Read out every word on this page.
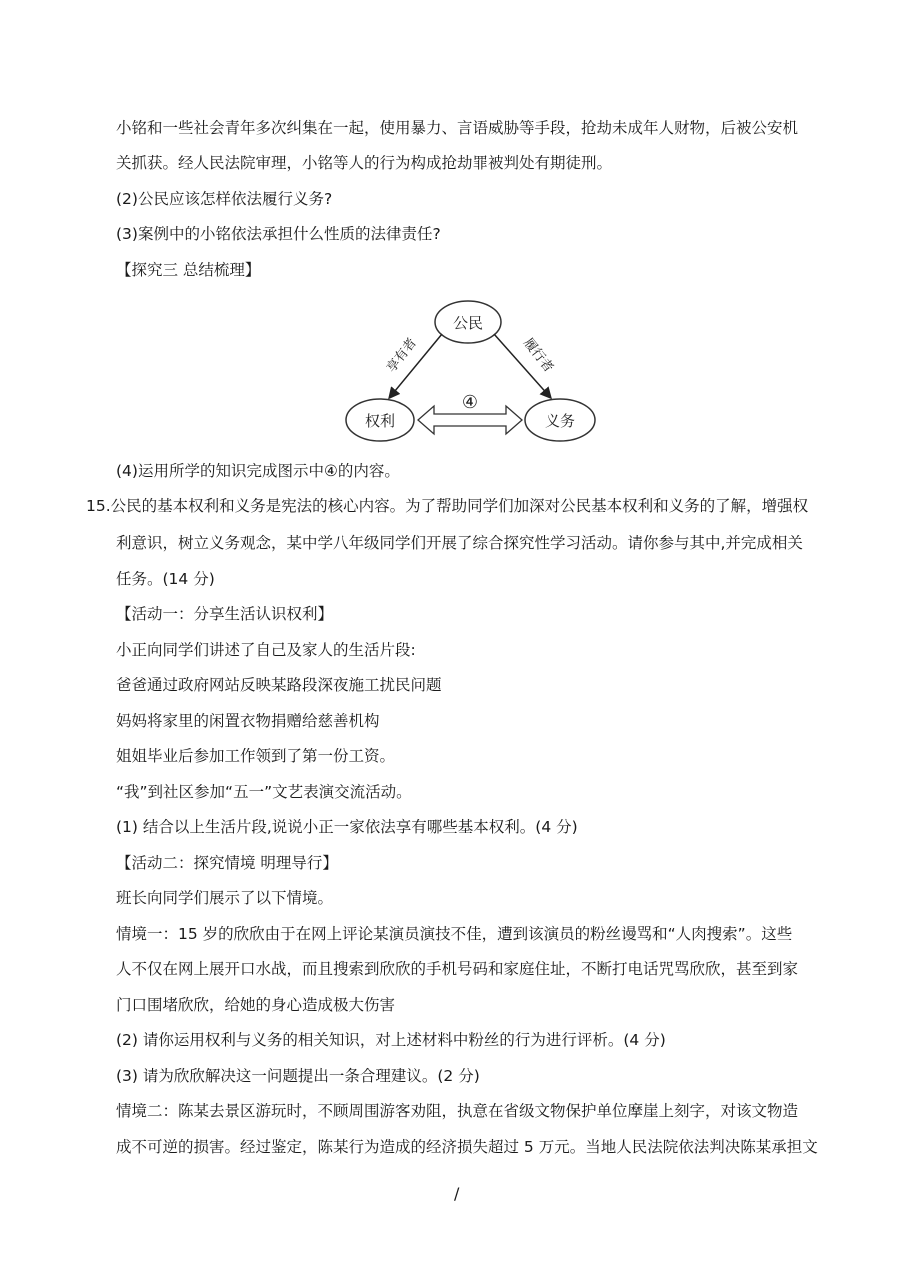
小铭和一些社会青年多次纠集在一起，使用暴力、言语威胁等手段，抢劫未成年人财物，后被公安机
关抓获。经人民法院审理，小铭等人的行为构成抢劫罪被判处有期徒刑。
(2)公民应该怎样依法履行义务?
(3)案例中的小铭依法承担什么性质的法律责任?
【探究三 总结梳理】
公民
权利	义务
享有者	履行者
④
(4)运用所学的知识完成图示中④的内容。
15.公民的基本权利和义务是宪法的核心内容。为了帮助同学们加深对公民基本权利和义务的了解，增强权
利意识，树立义务观念，某中学八年级同学们开展了综合探究性学习活动。请你参与其中,并完成相关
任务。(14 分)
【活动一：分享生活认识权利】
小正向同学们讲述了自己及家人的生活片段:
爸爸通过政府网站反映某路段深夜施工扰民问题
妈妈将家里的闲置衣物捐赠给慈善机构
姐姐毕业后参加工作领到了第一份工资。
“我”到社区参加“五一”文艺表演交流活动。
(1) 结合以上生活片段,说说小正一家依法享有哪些基本权利。(4 分)
【活动二：探究情境 明理导行】
班长向同学们展示了以下情境。
情境一：15 岁的欣欣由于在网上评论某演员演技不佳，遭到该演员的粉丝谩骂和“人肉搜索”。这些
人不仅在网上展开口水战，而且搜索到欣欣的手机号码和家庭住址，不断打电话咒骂欣欣，甚至到家
门口围堵欣欣，给她的身心造成极大伤害
(2) 请你运用权利与义务的相关知识，对上述材料中粉丝的行为进行评析。(4 分)
(3) 请为欣欣解决这一问题提出一条合理建议。(2 分)
情境二：陈某去景区游玩时，不顾周围游客劝阻，执意在省级文物保护单位摩崖上刻字，对该文物造
成不可逆的损害。经过鉴定，陈某行为造成的经济损失超过 5 万元。当地人民法院依法判决陈某承担文
/
